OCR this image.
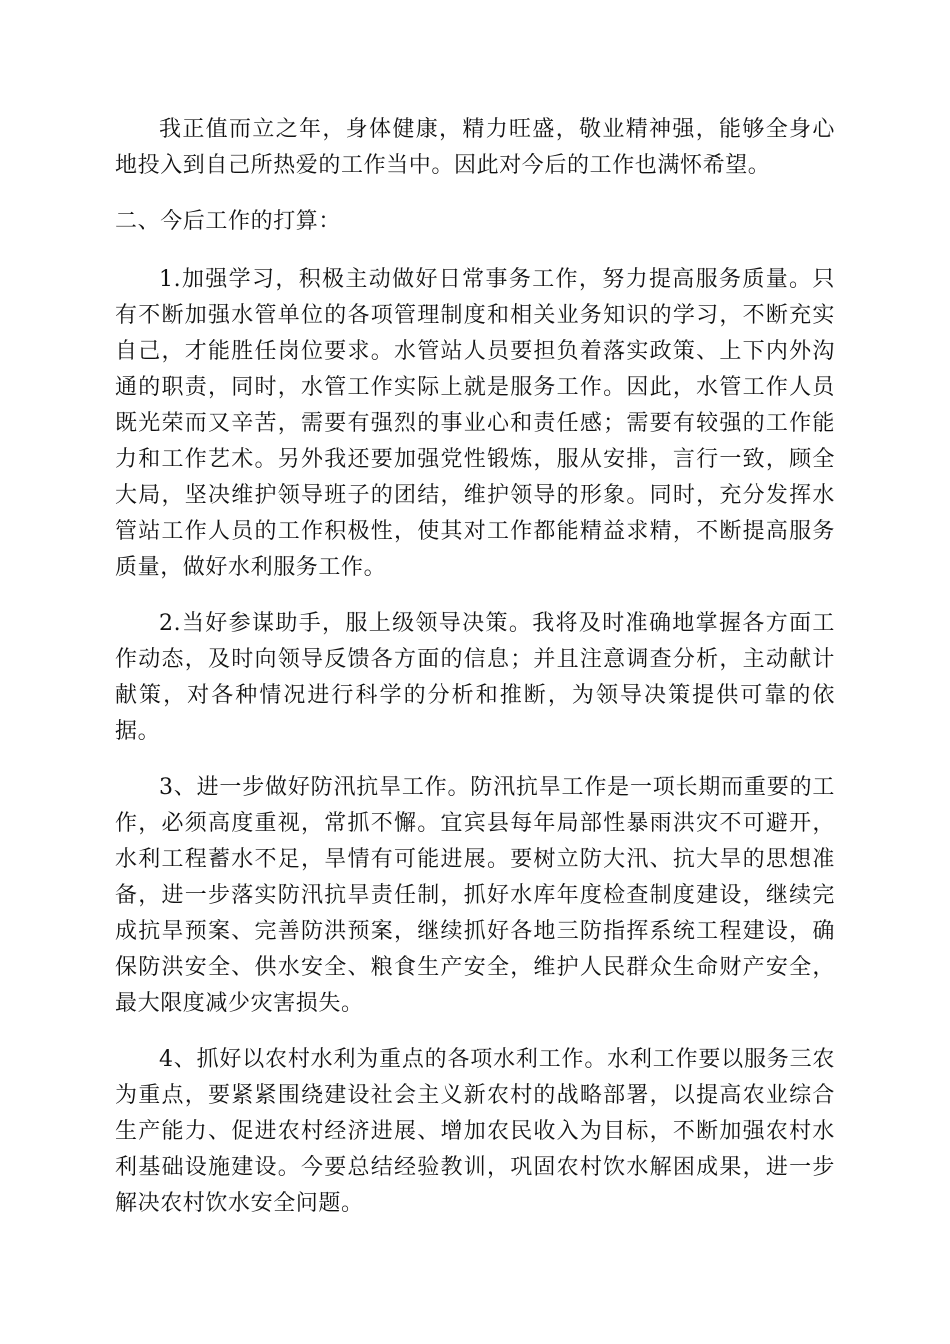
我正值而立之年，身体健康，精力旺盛，敬业精神强，能够全身心地投入到自己所热爱的工作当中。因此对今后的工作也满怀希望。

二、今后工作的打算：

1.加强学习，积极主动做好日常事务工作，努力提高服务质量。只有不断加强水管单位的各项管理制度和相关业务知识的学习，不断充实自己，才能胜任岗位要求。水管站人员要担负着落实政策、上下内外沟通的职责，同时，水管工作实际上就是服务工作。因此，水管工作人员既光荣而又辛苦，需要有强烈的事业心和责任感；需要有较强的工作能力和工作艺术。另外我还要加强党性锻炼，服从安排，言行一致，顾全大局，坚决维护领导班子的团结，维护领导的形象。同时，充分发挥水管站工作人员的工作积极性，使其对工作都能精益求精，不断提高服务质量，做好水利服务工作。

2.当好参谋助手，服上级领导决策。我将及时准确地掌握各方面工作动态，及时向领导反馈各方面的信息；并且注意调查分析，主动献计献策，对各种情况进行科学的分析和推断，为领导决策提供可靠的依据。

3、进一步做好防汛抗旱工作。防汛抗旱工作是一项长期而重要的工作，必须高度重视，常抓不懈。宜宾县每年局部性暴雨洪灾不可避开，水利工程蓄水不足，旱情有可能进展。要树立防大汛、抗大旱的思想准备，进一步落实防汛抗旱责任制，抓好水库年度检查制度建设，继续完成抗旱预案、完善防洪预案，继续抓好各地三防指挥系统工程建设，确保防洪安全、供水安全、粮食生产安全，维护人民群众生命财产安全，最大限度减少灾害损失。

4、抓好以农村水利为重点的各项水利工作。水利工作要以服务三农为重点，要紧紧围绕建设社会主义新农村的战略部署，以提高农业综合生产能力、促进农村经济进展、增加农民收入为目标，不断加强农村水利基础设施建设。今要总结经验教训，巩固农村饮水解困成果，进一步解决农村饮水安全问题。
